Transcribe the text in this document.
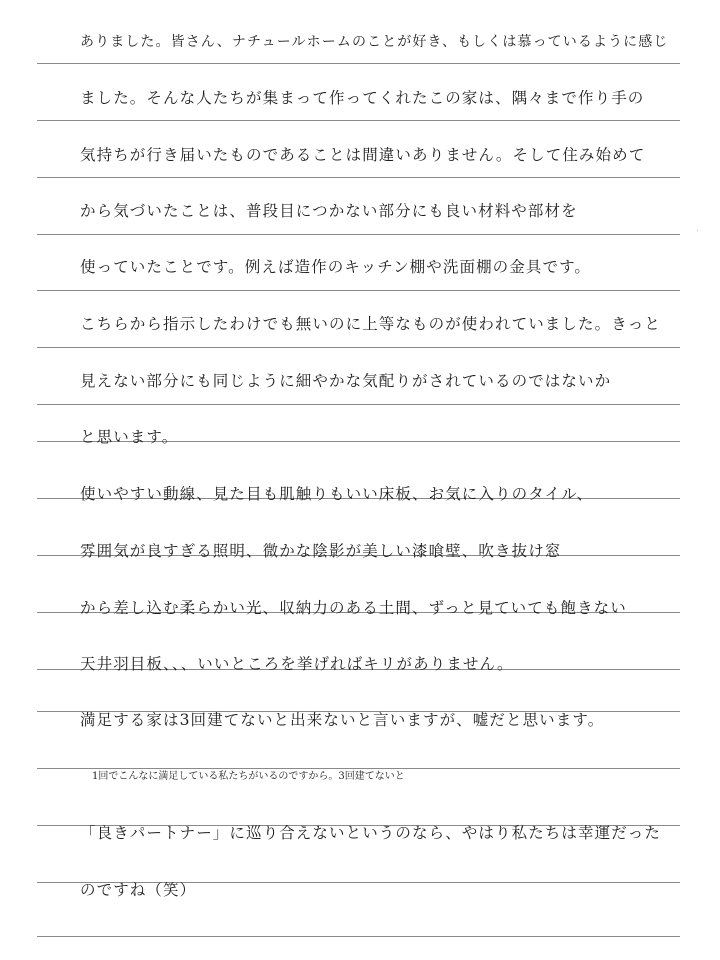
ありました。皆さん、ナチュールホームのことが好き、もしくは慕っているように感じ
ました。そんな人たちが集まって作ってくれたこの家は、隅々まで作り手の
気持ちが行き届いたものであることは間違いありません。そして住み始めて
から気づいたことは、普段目につかない部分にも良い材料や部材を
使っていたことです。例えば造作のキッチン棚や洗面棚の金具です。
こちらから指示したわけでも無いのに上等なものが使われていました。きっと
見えない部分にも同じように細やかな気配りがされているのではないか
と思います。
使いやすい動線、見た目も肌触りもいい床板、お気に入りのタイル、
雰囲気が良すぎる照明、微かな陰影が美しい漆喰壁、吹き抜け窓
から差し込む柔らかい光、収納力のある土間、ずっと見ていても飽きない
天井羽目板、、、いいところを挙げればキリがありません。
満足する家は3回建てないと出来ないと言いますが、嘘だと思います。
1回でこんなに満足している私たちがいるのですから。3回建てないと
「良きパートナー」に巡り合えないというのなら、やはり私たちは幸運だった
のですね（笑）
